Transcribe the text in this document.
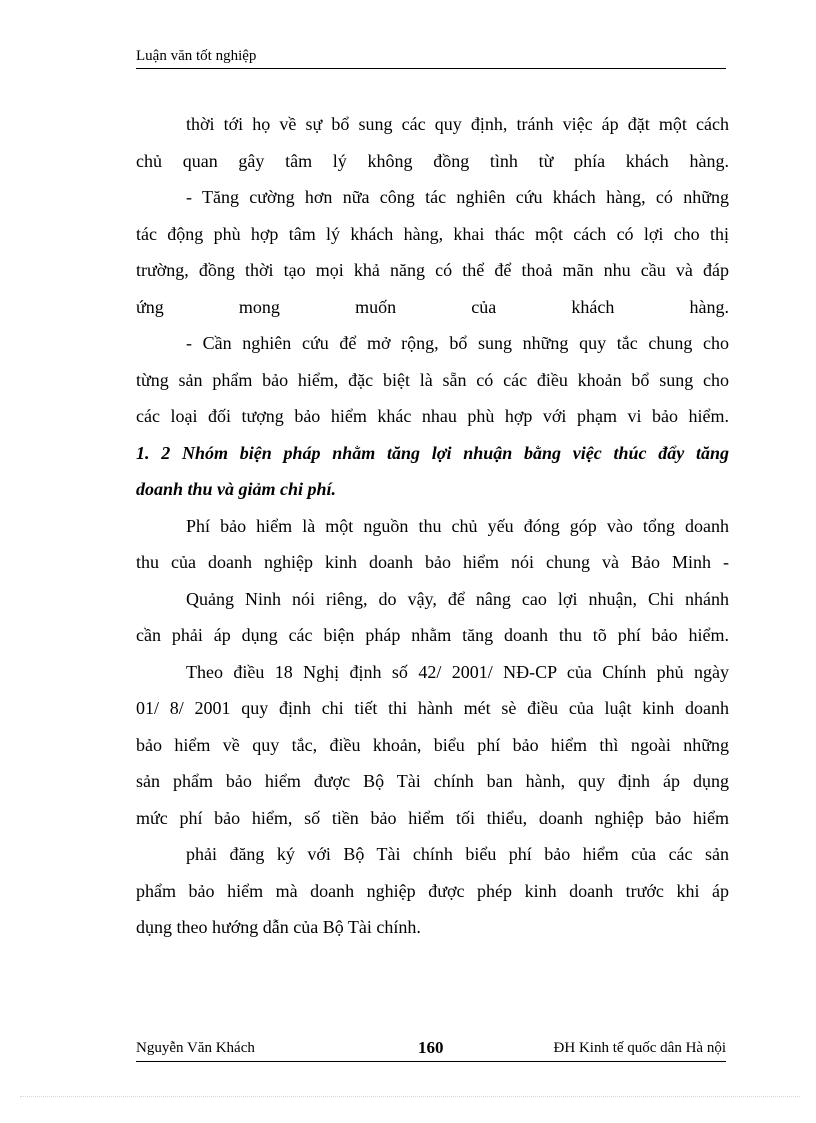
Luận văn tốt nghiệp
thời tới họ về sự bổ sung các quy định, tránh việc áp đặt một cách
chủ quan gây tâm lý không đồng tình từ phía khách hàng.
- Tăng cường hơn nữa công tác nghiên cứu khách hàng, có những
tác động phù hợp tâm lý khách hàng, khai thác một cách có lợi cho thị
trường, đồng thời tạo mọi khả năng có thể để thoả mãn nhu cầu và đáp
ứng mong muốn của khách hàng.
- Cần nghiên cứu để mở rộng, bổ sung những quy tắc chung cho
từng sản phẩm bảo hiểm, đặc biệt là sẵn có các điều khoản bổ sung cho
các loại đối tượng bảo hiểm khác nhau phù hợp với phạm vi bảo hiểm.
1. 2 Nhóm biện pháp nhằm tăng lợi nhuận bằng việc thúc đẩy tăng
doanh thu và giảm chi phí.
Phí bảo hiểm là một nguồn thu chủ yếu đóng góp vào tổng doanh
thu của doanh nghiệp kinh doanh bảo hiểm nói chung và Bảo Minh -
Quảng Ninh nói riêng, do vậy, để nâng cao lợi nhuận, Chi nhánh
cần phải áp dụng các biện pháp nhằm tăng doanh thu tõ phí bảo hiểm.
Theo điều 18 Nghị định số 42/ 2001/ NĐ-CP của Chính phủ ngày
01/ 8/ 2001 quy định chi tiết thi hành mét sè điều của luật kinh doanh
bảo hiểm về quy tắc, điều khoản, biểu phí bảo hiểm thì ngoài những
sản phẩm bảo hiểm được Bộ Tài chính ban hành, quy định áp dụng
mức phí bảo hiểm, số tiền bảo hiểm tối thiểu, doanh nghiệp bảo hiểm
phải đăng ký với Bộ Tài chính biểu phí bảo hiểm của các sản
phẩm bảo hiểm mà doanh nghiệp được phép kinh doanh trước khi áp
dụng theo hướng dẫn của Bộ Tài chính.
Nguyễn Văn Khách	160	ĐH Kinh tế quốc dân Hà nội
